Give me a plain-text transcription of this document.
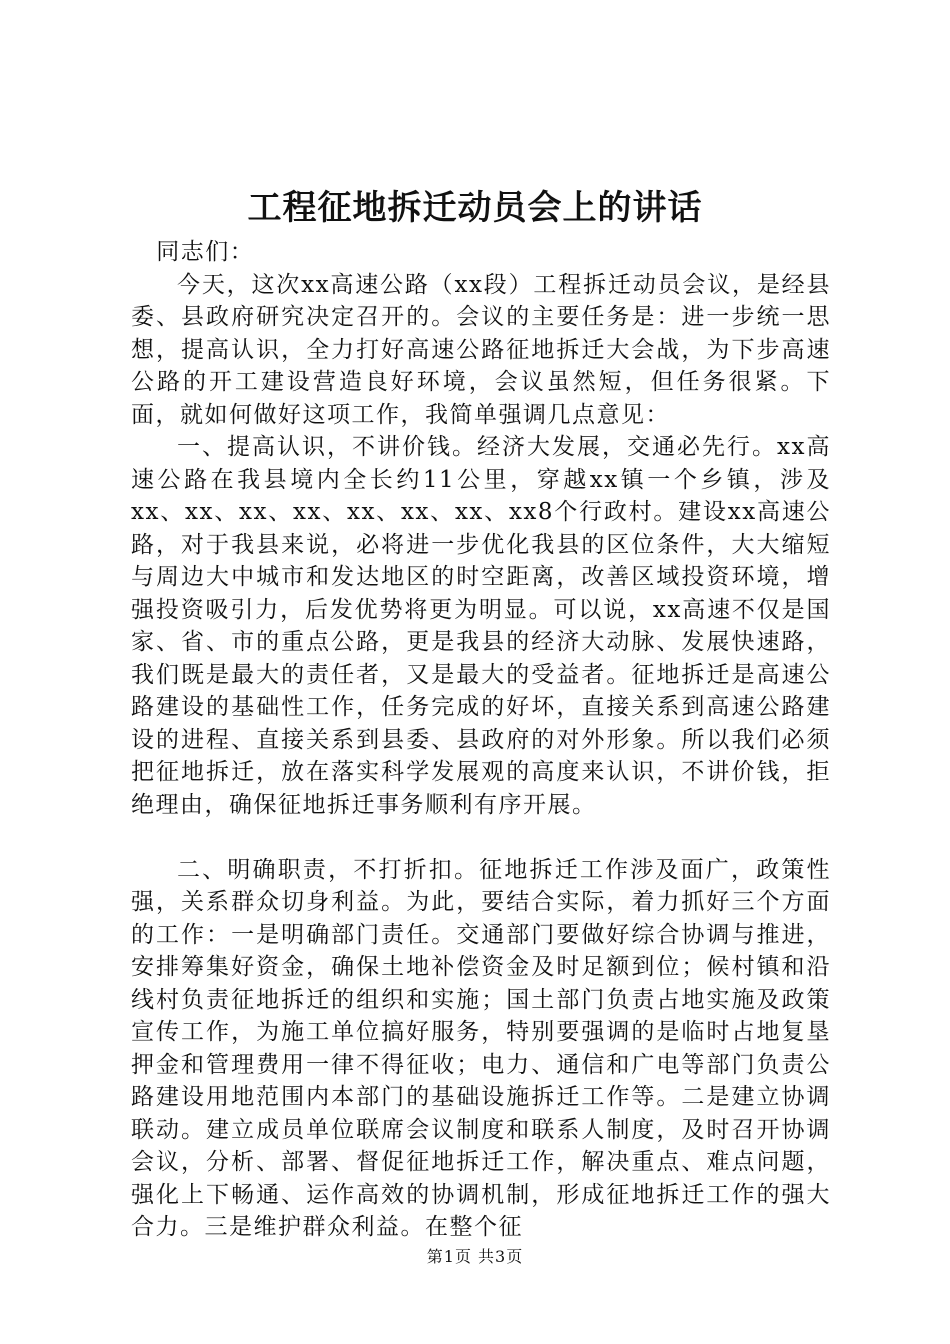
工程征地拆迁动员会上的讲话

同志们：

今天，这次xx高速公路（xx段）工程拆迁动员会议，是经县委、县政府研究决定召开的。会议的主要任务是：进一步统一思想，提高认识，全力打好高速公路征地拆迁大会战，为下步高速公路的开工建设营造良好环境，会议虽然短，但任务很紧。下面，就如何做好这项工作，我简单强调几点意见：

一、提高认识，不讲价钱。经济大发展，交通必先行。xx高速公路在我县境内全长约11公里，穿越xx镇一个乡镇，涉及xx、xx、xx、xx、xx、xx、xx、xx8个行政村。建设xx高速公路，对于我县来说，必将进一步优化我县的区位条件，大大缩短与周边大中城市和发达地区的时空距离，改善区域投资环境，增强投资吸引力，后发优势将更为明显。可以说，xx高速不仅是国家、省、市的重点公路，更是我县的经济大动脉、发展快速路，我们既是最大的责任者，又是最大的受益者。征地拆迁是高速公路建设的基础性工作，任务完成的好坏，直接关系到高速公路建设的进程、直接关系到县委、县政府的对外形象。所以我们必须把征地拆迁，放在落实科学发展观的高度来认识，不讲价钱，拒绝理由，确保征地拆迁事务顺利有序开展。

二、明确职责，不打折扣。征地拆迁工作涉及面广，政策性强，关系群众切身利益。为此，要结合实际，着力抓好三个方面的工作：一是明确部门责任。交通部门要做好综合协调与推进，安排筹集好资金，确保土地补偿资金及时足额到位；候村镇和沿线村负责征地拆迁的组织和实施；国土部门负责占地实施及政策宣传工作，为施工单位搞好服务，特别要强调的是临时占地复垦押金和管理费用一律不得征收；电力、通信和广电等部门负责公路建设用地范围内本部门的基础设施拆迁工作等。二是建立协调联动。建立成员单位联席会议制度和联系人制度，及时召开协调会议，分析、部署、督促征地拆迁工作，解决重点、难点问题，强化上下畅通、运作高效的协调机制，形成征地拆迁工作的强大合力。三是维护群众利益。在整个征

第1页 共3页
